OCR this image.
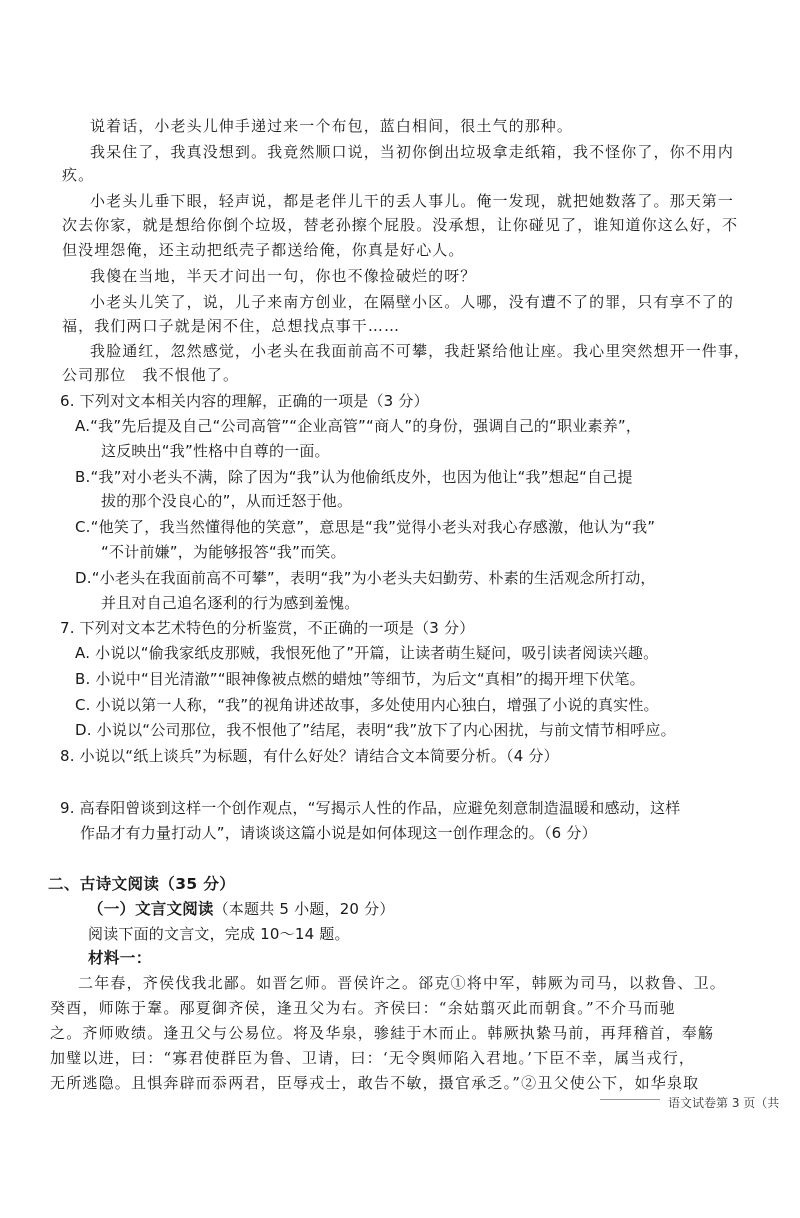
说着话，小老头儿伸手递过来一个布包，蓝白相间，很土气的那种。
我呆住了，我真没想到。我竟然顺口说，当初你倒出垃圾拿走纸箱，我不怪你了，你不用内
疚。
小老头儿垂下眼，轻声说，都是老伴儿干的丢人事儿。俺一发现，就把她数落了。那天第一
次去你家，就是想给你倒个垃圾，替老孙擦个屁股。没承想，让你碰见了，谁知道你这么好，不
但没埋怨俺，还主动把纸壳子都送给俺，你真是好心人。
我傻在当地，半天才问出一句，你也不像捡破烂的呀？
小老头儿笑了，说，儿子来南方创业，在隔壁小区。人哪，没有遭不了的罪，只有享不了的
福，我们两口子就是闲不住，总想找点事干……
我脸通红，忽然感觉，小老头在我面前高不可攀，我赶紧给他让座。我心里突然想开一件事，
公司那位　我不恨他了。
6. 下列对文本相关内容的理解，正确的一项是（3 分）
A.“我”先后提及自己“公司高管”“企业高管”“商人”的身份，强调自己的“职业素养”，
这反映出“我”性格中自尊的一面。
B.“我”对小老头不满，除了因为“我”认为他偷纸皮外，也因为他让“我”想起“自己提
拔的那个没良心的”，从而迁怒于他。
C.“他笑了，我当然懂得他的笑意”，意思是“我”觉得小老头对我心存感激，他认为“我”
“不计前嫌”，为能够报答“我”而笑。
D.“小老头在我面前高不可攀”，表明“我”为小老头夫妇勤劳、朴素的生活观念所打动，
并且对自己追名逐利的行为感到羞愧。
7. 下列对文本艺术特色的分析鉴赏，不正确的一项是（3 分）
A. 小说以“偷我家纸皮那贼，我恨死他了”开篇，让读者萌生疑问，吸引读者阅读兴趣。
B. 小说中“目光清澈”“眼神像被点燃的蜡烛”等细节，为后文“真相”的揭开埋下伏笔。
C. 小说以第一人称，“我”的视角讲述故事，多处使用内心独白，增强了小说的真实性。
D. 小说以“公司那位，我不恨他了”结尾，表明“我”放下了内心困扰，与前文情节相呼应。
8. 小说以“纸上谈兵”为标题，有什么好处？请结合文本简要分析。（4 分）
9. 高春阳曾谈到这样一个创作观点，“写揭示人性的作品，应避免刻意制造温暖和感动，这样
作品才有力量打动人”，请谈谈这篇小说是如何体现这一创作理念的。（6 分）
二、古诗文阅读（35 分）
（一）文言文阅读（本题共 5 小题，20 分）
阅读下面的文言文，完成 10～14 题。
材料一：
二年春，齐侯伐我北鄙。如晋乞师。晋侯许之。郤克①将中军，韩厥为司马，以救鲁、卫。
癸酉，师陈于鞌。邴夏御齐侯，逢丑父为右。齐侯曰：“余姑翦灭此而朝食。”不介马而驰
之。齐师败绩。逢丑父与公易位。将及华泉，骖絓于木而止。韩厥执絷马前，再拜稽首，奉觞
加璧以进，曰：“寡君使群臣为鲁、卫请，曰：‘无令舆师陷入君地。’下臣不幸，属当戎行，
无所逃隐。且惧奔辟而忝两君，臣辱戎士，敢告不敏，摄官承乏。”②丑父使公下，如华泉取
语文试卷第 3 页（共
